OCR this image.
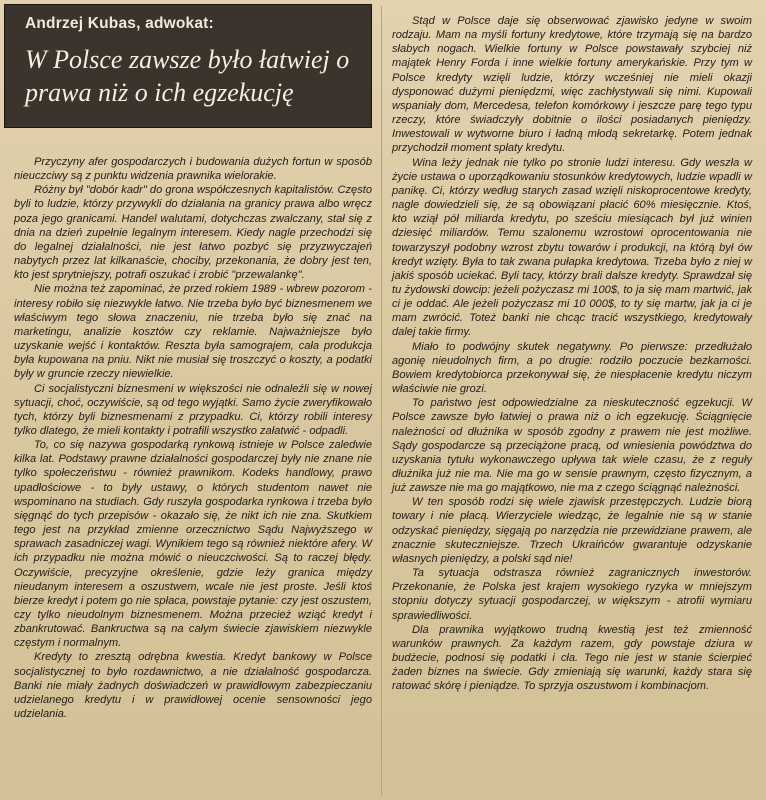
Andrzej Kubas, adwokat:
W Polsce zawsze było łatwiej o prawa niż o ich egzekucję

Przyczyny afer gospodarczych i budowania dużych fortun w sposób nieuczciwy są z punktu widzenia prawnika wielorakie.

Różny był "dobór kadr" do grona współczesnych kapitalistów. Często byli to ludzie, którzy przywykli do działania na granicy prawa albo wręcz poza jego granicami. Handel walutami, dotychczas zwalczany, stał się z dnia na dzień zupełnie legalnym interesem. Kiedy nagle przechodzi się do legalnej działalności, nie jest łatwo pozbyć się przyzwyczajeń nabytych przez lat kilkanaście, chociby, przekonania, że dobry jest ten, kto jest sprytniejszy, potrafi oszukać i zrobić "przewalankę".

Nie można też zapominać, że przed rokiem 1989 - wbrew pozorom - interesy robiło się niezwykle łatwo. Nie trzeba było być biznesmenem we właściwym tego słowa znaczeniu, nie trzeba było się znać na marketingu, analizie kosztów czy reklamie. Najważniejsze było uzyskanie wejść i kontaktów. Reszta była samograjem, cała produkcja była kupowana na pniu. Nikt nie musiał się troszczyć o koszty, a podatki były w gruncie rzeczy niewielkie.

Ci socjalistyczni biznesmeni w większości nie odnaleźli się w nowej sytuacji, choć, oczywiście, są od tego wyjątki. Samo życie zweryfikowało tych, którzy byli biznesmenami z przypadku. Ci, którzy robili interesy tylko dlatego, że mieli kontakty i potrafili wszystko załatwić - odpadli.

To, co się nazywa gospodarką rynkową istnieje w Polsce zaledwie kilka lat. Podstawy prawne działalności gospodarczej były nie znane nie tylko społeczeństwu - również prawnikom. Kodeks handlowy, prawo upadłościowe - to były ustawy, o których studentom nawet nie wspominano na studiach. Gdy ruszyła gospodarka rynkowa i trzeba było sięgnąć do tych przepisów - okazało się, że nikt ich nie zna. Skutkiem tego jest na przykład zmienne orzecznictwo Sądu Najwyższego w sprawach zasadniczej wagi. Wynikiem tego są również niektóre afery. W ich przypadku nie można mówić o nieuczciwości. Są to raczej błędy. Oczywiście, precyzyjne określenie, gdzie leży granica między nieudanym interesem a oszustwem, wcale nie jest proste. Jeśli ktoś bierze kredyt i potem go nie spłaca, powstaje pytanie: czy jest oszustem, czy tylko nieudolnym biznesmenem. Można przecież wziąć kredyt i zbankrutować. Bankructwa są na całym świecie zjawiskiem niezwykle częstym i normalnym.

Kredyty to zresztą odrębna kwestia. Kredyt bankowy w Polsce socjalistycznej to było rozdawnictwo, a nie działalność gospodarcza. Banki nie miały żadnych doświadczeń w prawidłowym zabezpieczaniu udzielanego kredytu i w prawidłowej ocenie sensowności jego udzielania.

Stąd w Polsce daje się obserwować zjawisko jedyne w swoim rodzaju. Mam na myśli fortuny kredytowe, które trzymają się na bardzo słabych nogach. Wielkie fortuny w Polsce powstawały szybciej niż majątek Henry Forda i inne wielkie fortuny amerykańskie. Przy tym w Polsce kredyty wzięli ludzie, którzy wcześniej nie mieli okazji dysponować dużymi pieniędzmi, więc zachłystywali się nimi. Kupowali wspaniały dom, Mercedesa, telefon komórkowy i jeszcze parę tego typu rzeczy, które świadczyły dobitnie o ilości posiadanych pieniędzy. Inwestowali w wytworne biuro i ładną młodą sekretarkę. Potem jednak przychodził moment spłaty kredytu.

Wina leży jednak nie tylko po stronie ludzi interesu. Gdy weszła w życie ustawa o uporządkowaniu stosunków kredytowych, ludzie wpadli w panikę. Ci, którzy według starych zasad wzięli niskoprocentowe kredyty, nagle dowiedzieli się, że są obowiązani płacić 60% miesięcznie. Ktoś, kto wziął pół miliarda kredytu, po sześciu miesiącach był już winien dziesięć miliardów. Temu szalonemu wzrostowi oprocentowania nie towarzyszył podobny wzrost zbytu towarów i produkcji, na którą był ów kredyt wzięty. Była to tak zwana pułapka kredytowa. Trzeba było z niej w jakiś sposób uciekać. Byli tacy, którzy brali dalsze kredyty. Sprawdzał się tu żydowski dowcip: jeżeli pożyczasz mi 100$, to ja się mam martwić, jak ci je oddać. Ale jeżeli pożyczasz mi 10 000$, to ty się martw, jak ja ci je mam zwrócić. Toteż banki nie chcąc tracić wszystkiego, kredytowały dalej takie firmy.

Miało to podwójny skutek negatywny. Po pierwsze: przedłużało agonię nieudolnych firm, a po drugie: rodziło poczucie bezkarności. Bowiem kredytobiorca przekonywał się, że niespłacenie kredytu niczym właściwie nie grozi.

To państwo jest odpowiedzialne za nieskuteczność egzekucji. W Polsce zawsze było łatwiej o prawa niż o ich egzekucję. Ściągnięcie należności od dłużnika w sposób zgodny z prawem nie jest możliwe. Sądy gospodarcze są przeciążone pracą, od wniesienia powództwa do uzyskania tytułu wykonawczego upływa tak wiele czasu, że z reguły dłużnika już nie ma. Nie ma go w sensie prawnym, często fizycznym, a już zawsze nie ma go majątkowo, nie ma z czego ściągnąć należności.

W ten sposób rodzi się wiele zjawisk przestępczych. Ludzie biorą towary i nie płacą. Wierzyciele wiedząc, że legalnie nie są w stanie odzyskać pieniędzy, sięgają po narzędzia nie przewidziane prawem, ale znacznie skuteczniejsze. Trzech Ukraińców gwarantuje odzyskanie własnych pieniędzy, a polski sąd nie!

Ta sytuacja odstrasza również zagranicznych inwestorów. Przekonanie, że Polska jest krajem wysokiego ryzyka w mniejszym stopniu dotyczy sytuacji gospodarczej, w większym - atrofii wymiaru sprawiedliwości.

Dla prawnika wyjątkowo trudną kwestią jest też zmienność warunków prawnych. Za każdym razem, gdy powstaje dziura w budżecie, podnosi się podatki i cła. Tego nie jest w stanie ścierpieć żaden biznes na świecie. Gdy zmieniają się warunki, każdy stara się ratować skórę i pieniądze. To sprzyja oszustwom i kombinacjom.
